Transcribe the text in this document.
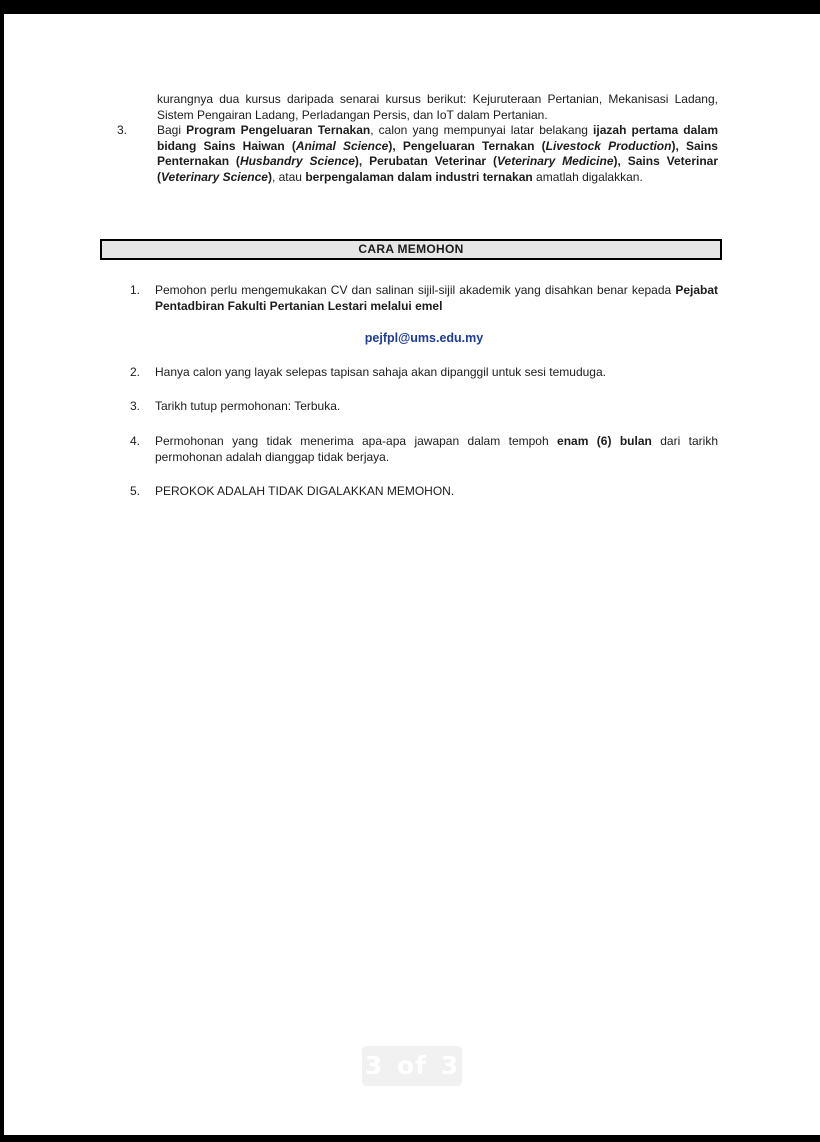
kurangnya dua kursus daripada senarai kursus berikut: Kejuruteraan Pertanian, Mekanisasi Ladang, Sistem Pengairan Ladang, Perladangan Persis, dan IoT dalam Pertanian.
3.	Bagi Program Pengeluaran Ternakan, calon yang mempunyai latar belakang ijazah pertama dalam bidang Sains Haiwan (Animal Science), Pengeluaran Ternakan (Livestock Production), Sains Penternakan (Husbandry Science), Perubatan Veterinar (Veterinary Medicine), Sains Veterinar (Veterinary Science), atau berpengalaman dalam industri ternakan amatlah digalakkan.
CARA MEMOHON
1.	Pemohon perlu mengemukakan CV dan salinan sijil-sijil akademik yang disahkan benar kepada Pejabat Pentadbiran Fakulti Pertanian Lestari melalui emel
pejfpl@ums.edu.my
2.	Hanya calon yang layak selepas tapisan sahaja akan dipanggil untuk sesi temuduga.
3.	Tarikh tutup permohonan: Terbuka.
4.	Permohonan yang tidak menerima apa-apa jawapan dalam tempoh enam (6) bulan dari tarikh permohonan adalah dianggap tidak berjaya.
5.	PEROKOK ADALAH TIDAK DIGALAKKAN MEMOHON.
3 of 3
